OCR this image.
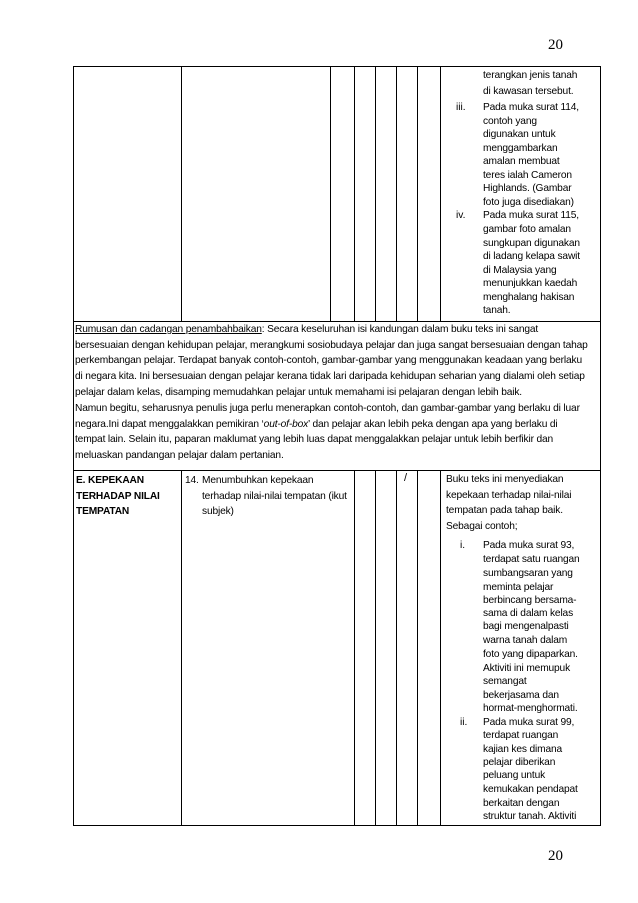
20
20
terangkan jenis tanah
di kawasan tersebut.
iii. Pada muka surat 114,
contoh yang
digunakan untuk
menggambarkan
amalan membuat
teres ialah Cameron
Highlands. (Gambar
foto juga disediakan)
iv. Pada muka surat 115,
gambar foto amalan
sungkupan digunakan
di ladang kelapa sawit
di Malaysia yang
menunjukkan kaedah
menghalang hakisan
tanah.
Rumusan dan cadangan penambahbaikan: Secara keseluruhan isi kandungan dalam buku teks ini sangat
bersesuaian dengan kehidupan pelajar, merangkumi sosiobudaya pelajar dan juga sangat bersesuaian dengan tahap
perkembangan pelajar. Terdapat banyak contoh-contoh, gambar-gambar yang menggunakan keadaan yang berlaku
di negara kita. Ini bersesuaian dengan pelajar kerana tidak lari daripada kehidupan seharian yang dialami oleh setiap
pelajar dalam kelas, disamping memudahkan pelajar untuk memahami isi pelajaran dengan lebih baik.
Namun begitu, seharusnya penulis juga perlu menerapkan contoh-contoh, dan gambar-gambar yang berlaku di luar
negara.Ini dapat menggalakkan pemikiran ‘out-of-box’ dan pelajar akan lebih peka dengan apa yang berlaku di
tempat lain. Selain itu, paparan maklumat yang lebih luas dapat menggalakkan pelajar untuk lebih berfikir dan
meluaskan pandangan pelajar dalam pertanian.
E. KEPEKAAN
TERHADAP NILAI
TEMPATAN
14. Menumbuhkan kepekaan
terhadap nilai-nilai tempatan (ikut
subjek)
/	Buku teks ini menyediakan
kepekaan terhadap nilai-nilai
tempatan pada tahap baik.
Sebagai contoh;
i. Pada muka surat 93,
terdapat satu ruangan
sumbangsaran yang
meminta pelajar
berbincang bersama-
sama di dalam kelas
bagi mengenalpasti
warna tanah dalam
foto yang dipaparkan.
Aktiviti ini memupuk
semangat
bekerjasama dan
hormat-menghormati.
ii. Pada muka surat 99,
terdapat ruangan
kajian kes dimana
pelajar diberikan
peluang untuk
kemukakan pendapat
berkaitan dengan
struktur tanah. Aktiviti
